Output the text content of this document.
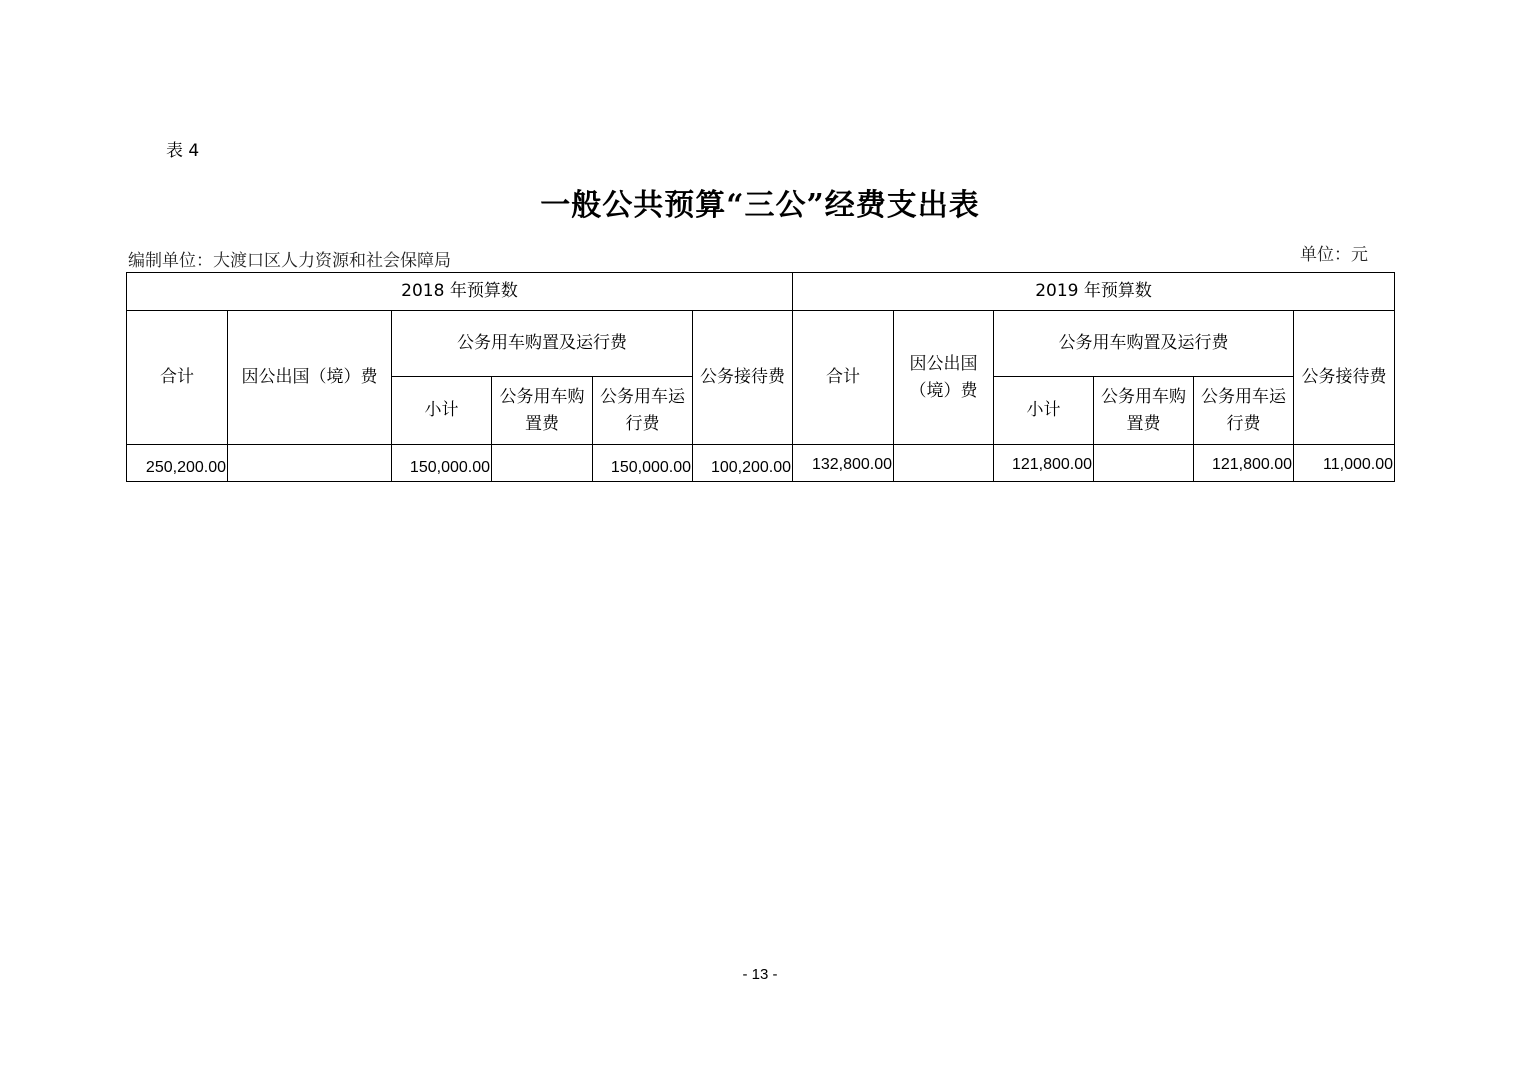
表 4
一般公共预算“三公”经费支出表
编制单位：大渡口区人力资源和社会保障局	单位：元
2018 年预算数						2019 年预算数					
合计	因公出国（境）费	公务用车购置及运行费			公务接待费	合计	因公出国（境）费	公务用车购置及运行费			公务接待费
		小计	公务用车购置费	公务用车运行费				小计	公务用车购置费	公务用车运行费	
250,200.00		150,000.00		150,000.00	100,200.00	132,800.00		121,800.00		121,800.00	11,000.00
- 13 -
